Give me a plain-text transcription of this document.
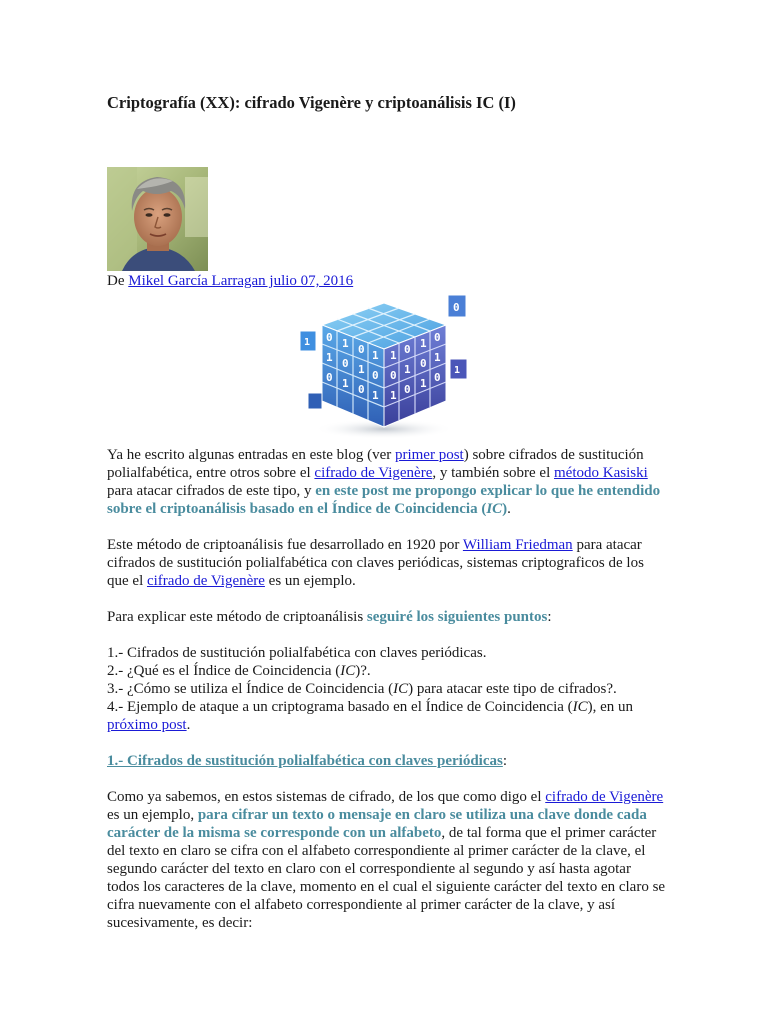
Criptografía (XX): cifrado Vigenère y criptoanálisis IC (I)
De Mikel García Larragan julio 07, 2016
0 1 0 1
1 0 1 0
0 1 0 1
1 0 1 0
0 1 0 1
1 0 1 0
0
1
1

Ya he escrito algunas entradas en este blog (ver primer post) sobre cifrados de sustitución polialfabética, entre otros sobre el cifrado de Vigenère, y también sobre el método Kasiski para atacar cifrados de este tipo, y en este post me propongo explicar lo que he entendido sobre el criptoanálisis basado en el Índice de Coincidencia (IC).

Este método de criptoanálisis fue desarrollado en 1920 por William Friedman para atacar cifrados de sustitución polialfabética con claves periódicas, sistemas criptograficos de los que el cifrado de Vigenère es un ejemplo.

Para explicar este método de criptoanálisis seguiré los siguientes puntos:

1.- Cifrados de sustitución polialfabética con claves periódicas.
2.- ¿Qué es el Índice de Coincidencia (IC)?.
3.- ¿Cómo se utiliza el Índice de Coincidencia (IC) para atacar este tipo de cifrados?.
4.- Ejemplo de ataque a un criptograma basado en el Índice de Coincidencia (IC), en un próximo post.

1.- Cifrados de sustitución polialfabética con claves periódicas:

Como ya sabemos, en estos sistemas de cifrado, de los que como digo el cifrado de Vigenère es un ejemplo, para cifrar un texto o mensaje en claro se utiliza una clave donde cada carácter de la misma se corresponde con un alfabeto, de tal forma que el primer carácter del texto en claro se cifra con el alfabeto correspondiente al primer carácter de la clave, el segundo carácter del texto en claro con el correspondiente al segundo y así hasta agotar todos los caracteres de la clave, momento en el cual el siguiente carácter del texto en claro se cifra nuevamente con el alfabeto correspondiente al primer carácter de la clave, y así sucesivamente, es decir:
